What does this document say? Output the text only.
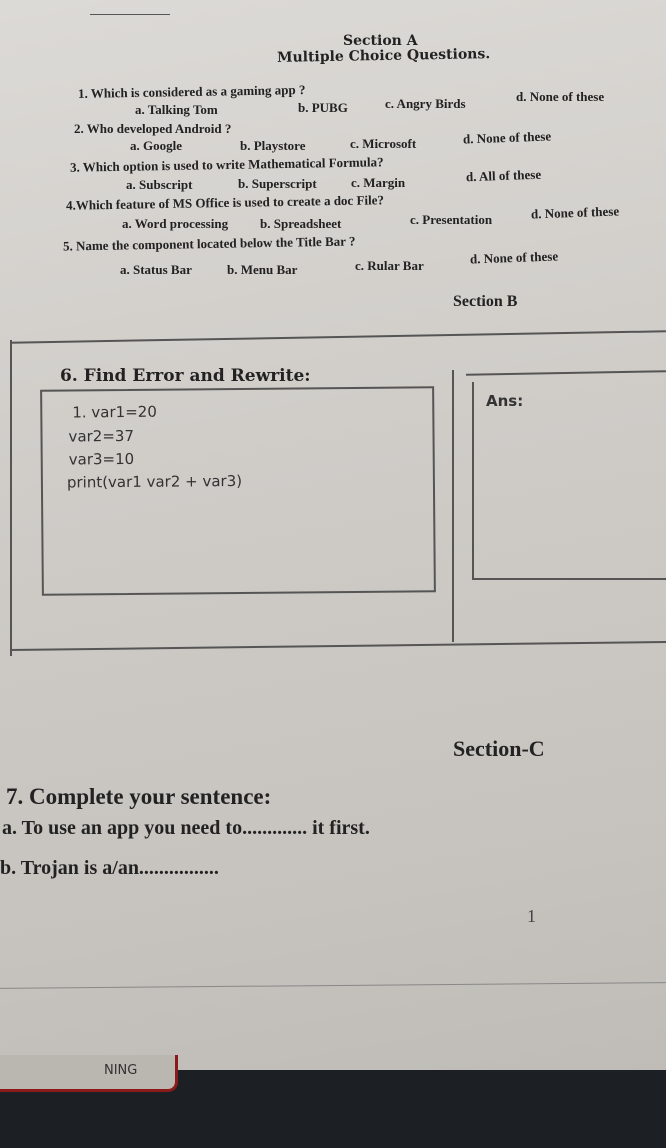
Section A
Multiple Choice Questions.
1. Which is considered as a gaming app ?
a. Talking Tom	b. PUBG	c. Angry Birds	d. None of these
2. Who developed Android ?
a. Google	b. Playstore	c. Microsoft	d. None of these
3. Which option is used to write Mathematical Formula?
a. Subscript	b. Superscript	c. Margin	d. All of these
4.Which feature of MS Office is used to create a doc File?
a. Word processing b. Spreadsheet	c. Presentation	d. None of these
5. Name the component located below the Title Bar ?
a. Status Bar	b. Menu Bar	c. Rular Bar	d. None of these
Section B
6. Find Error and Rewrite:
1. var1=20
var2=37
var3=10
print(var1 var2 + var3)
Ans:
Section-C
7. Complete your sentence:
a. To use an app you need to............. it first.
b. Trojan is a/an................
1
NING
